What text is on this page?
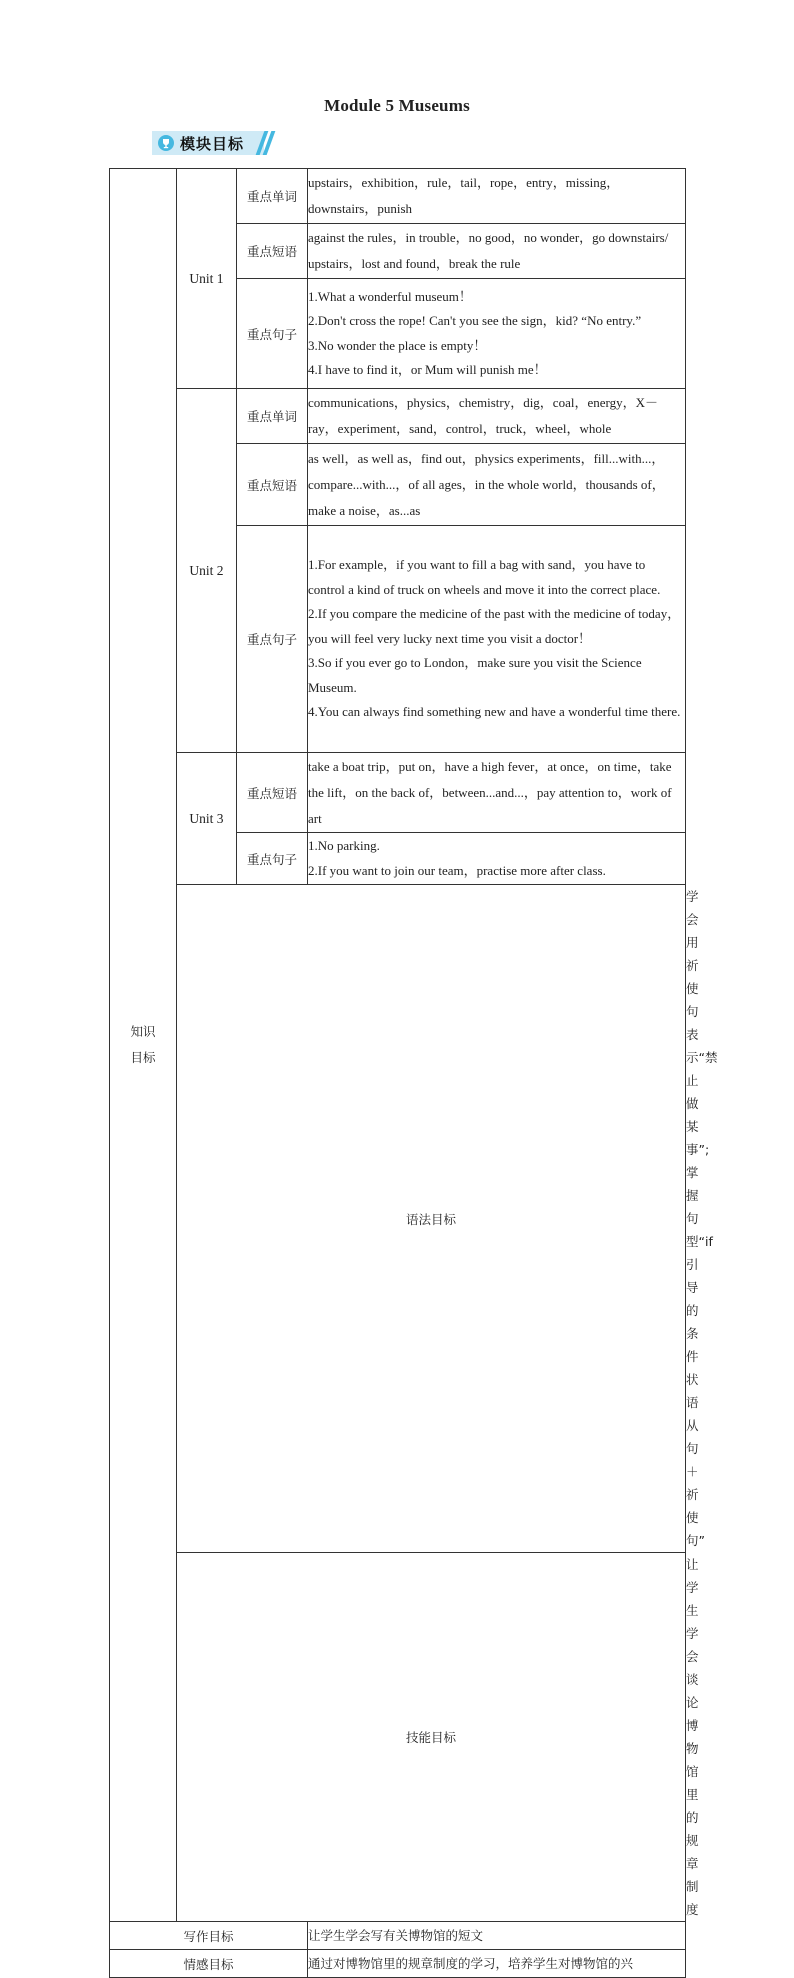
Module 5 Museums
模块目标
知识
目标	Unit 1	重点单词	upstairs，exhibition，rule，tail，rope，entry，missing，downstairs，punish	

		重点短语	against the rules，in trouble，no good，no wonder，go downstairs/ upstairs，lost and found，break the rule	

		重点句子	1.What a wonderful museum！
2.Don't cross the rope! Can't you see the sign，kid? “No entry.”
3.No wonder the place is empty！
4.I have to find it，or Mum will punish me！	

	Unit 2	重点单词	communications，physics，chemistry，dig，coal，energy，X－ray，experiment，sand，control，truck，wheel，whole	

		重点短语	as well，as well as，find out，physics experiments，fill...with...，compare...with...，of all ages，in the whole world，thousands of，make a noise，as...as	

		重点句子	1.For example，if you want to fill a bag with sand，you have to control a kind of truck on wheels and move it into the correct place.
2.If you compare the medicine of the past with the medicine of today，you will feel very lucky next time you visit a doctor！
3.So if you ever go to London，make sure you visit the Science Museum.
4.You can always find something new and have a wonderful time there.	

	Unit 3	重点短语	take a boat trip，put on，have a high fever，at once，on time，take the lift，on the back of，between...and...，pay attention to，work of art	

		重点句子	1.No parking.
2.If you want to join our team，practise more after class.	

	语法目标			学会用祈使句表示“禁止做某事”;
掌握句型“if 引导的条件状语从句＋祈使句”

	技能目标			让学生学会谈论博物馆里的规章制度

写作目标			让学生学会写有关博物馆的短文	

情感目标			通过对博物馆里的规章制度的学习，培养学生对博物馆的兴	
